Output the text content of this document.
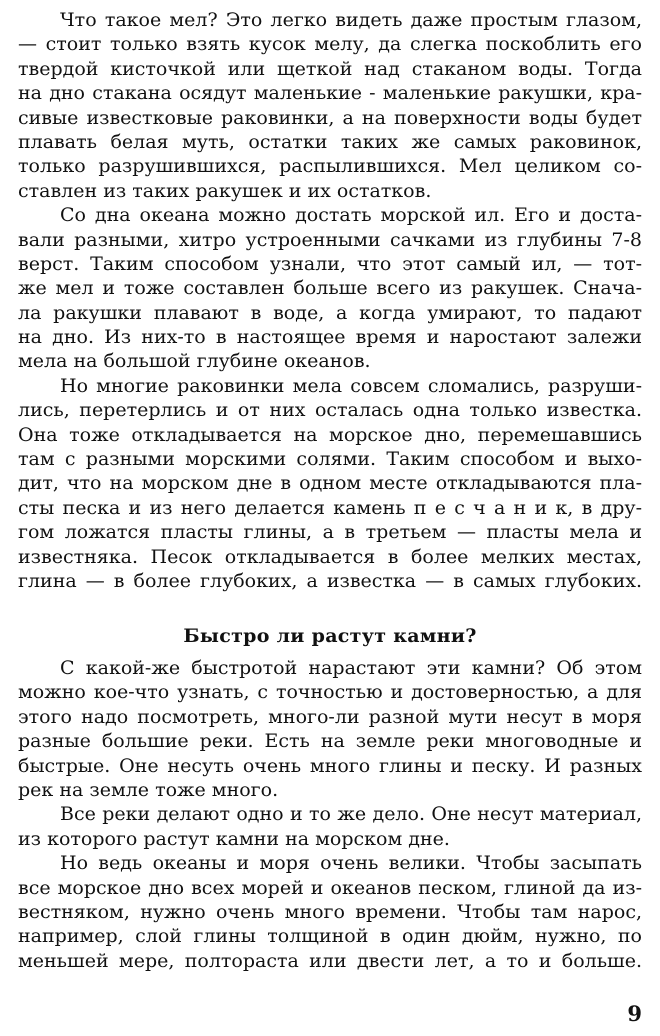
Что такое мел? Это легко видеть даже простым глазом,
— стоит только взять кусок мелу, да слегка поскоблить его
твердой кисточкой или щеткой над стаканом воды. Тогда
на дно стакана осядут маленькие - маленькие ракушки, кра-
сивые известковые раковинки, а на поверхности воды будет
плавать белая муть, остатки таких же самых раковинок,
только разрушившихся, распылившихся. Мел целиком со-
ставлен из таких ракушек и их остатков.
Со дна океана можно достать морской ил. Его и доста-
вали разными, хитро устроенными сачками из глубины 7-8
верст. Таким способом узнали, что этот самый ил, — тот-
же мел и тоже составлен больше всего из ракушек. Снача-
ла ракушки плавают в воде, а когда умирают, то падают
на дно. Из них-то в настоящее время и наростают залежи
мела на большой глубине океанов.
Но многие раковинки мела совсем сломались, разруши-
лись, перетерлись и от них осталась одна только известка.
Она тоже откладывается на морское дно, перемешавшись
там с разными морскими солями. Таким способом и выхо-
дит, что на морском дне в одном месте откладываются пла-
сты песка и из него делается камень п е с ч а н и к, в дру-
гом ложатся пласты глины, а в третьем — пласты мела и
известняка. Песок откладывается в более мелких местах,
глина — в более глубоких, а известка — в самых глубоких.
Быстро ли растут камни?
С какой-же быстротой нарастают эти камни? Об этом
можно кое-что узнать, с точностью и достоверностью, а для
этого надо посмотреть, много-ли разной мути несут в моря
разные большие реки. Есть на земле реки многоводные и
быстрые. Оне несуть очень много глины и песку. И разных
рек на земле тоже много.
Все реки делают одно и то же дело. Оне несут материал,
из которого растут камни на морском дне.
Но ведь океаны и моря очень велики. Чтобы засыпать
все морское дно всех морей и океанов песком, глиной да из-
вестняком, нужно очень много времени. Чтобы там нарос,
например, слой глины толщиной в один дюйм, нужно, по
меньшей мере, полтораста или двести лет, а то и больше.
9
